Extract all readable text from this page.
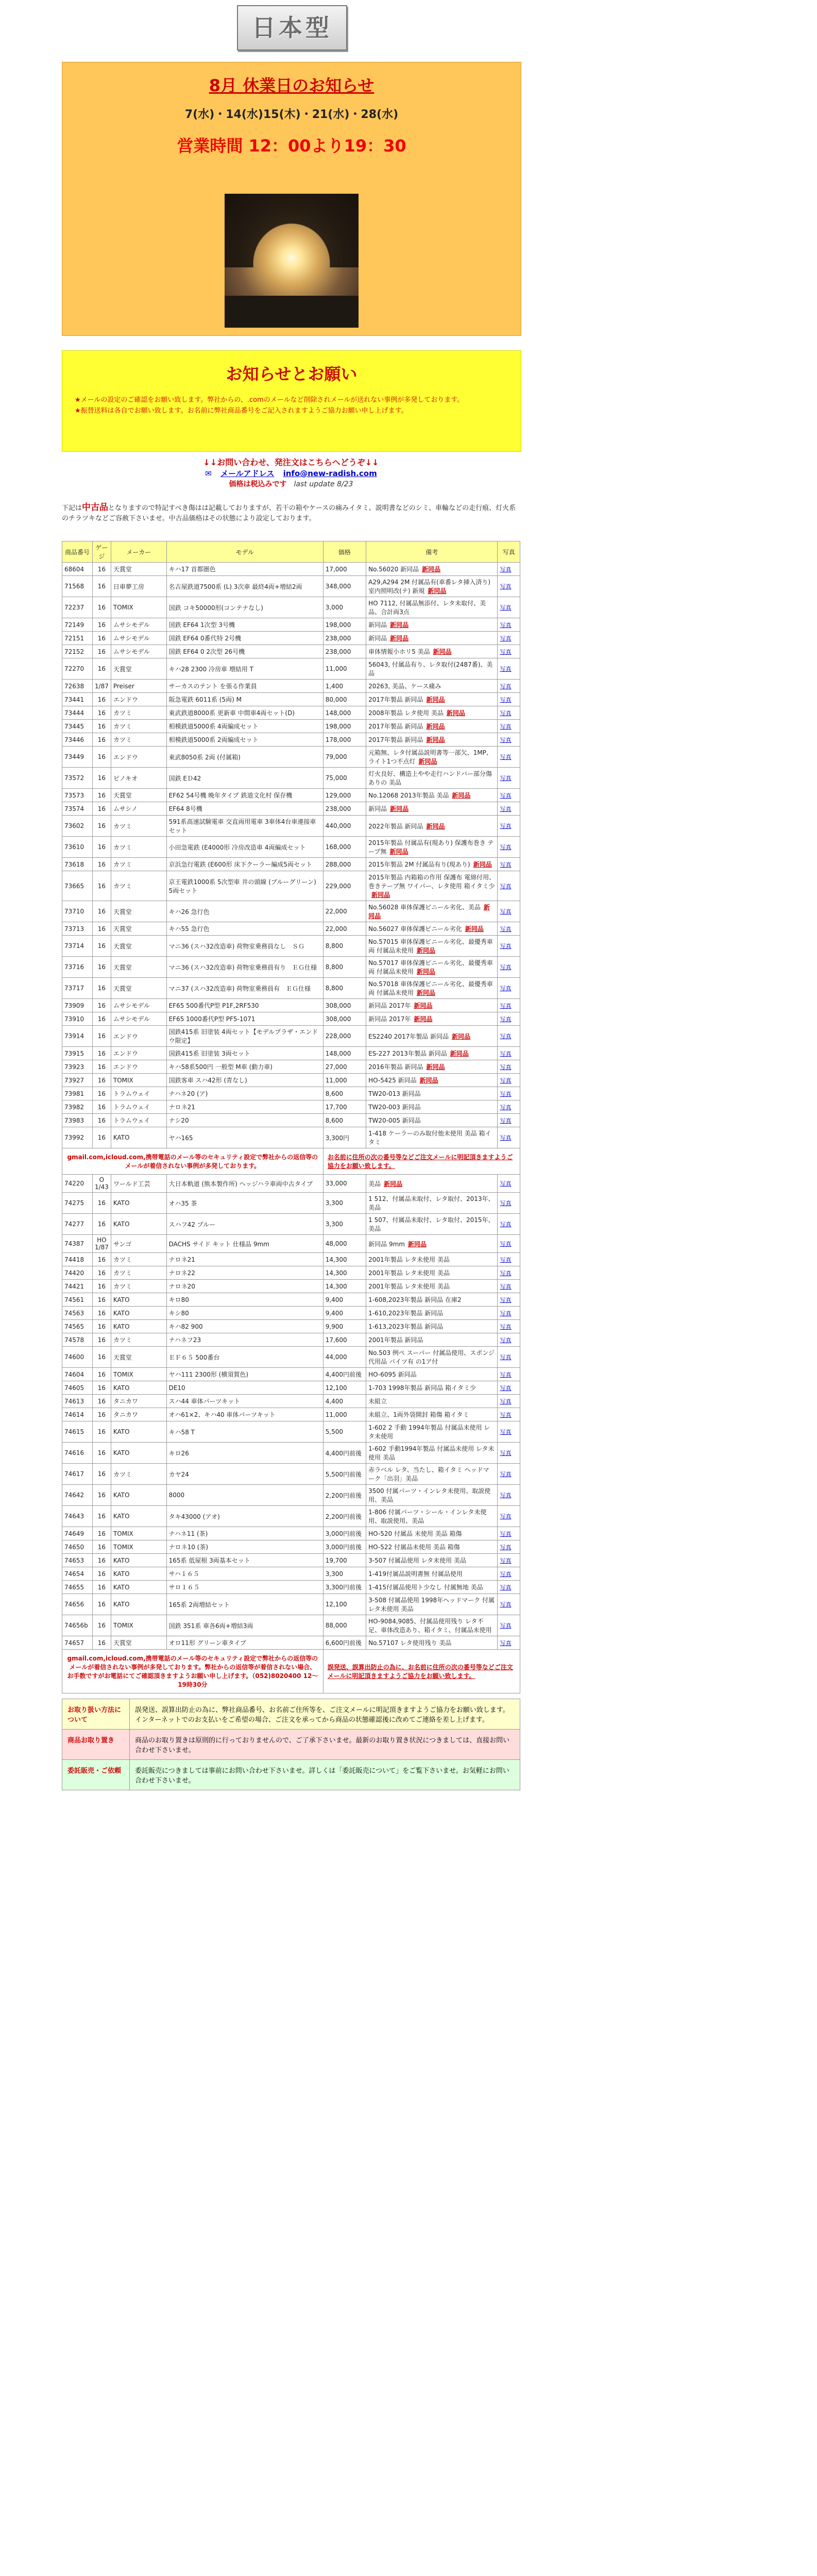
日本型
8月 休業日のお知らせ
7(水)・14(水)15(木)・21(水)・28(水)
営業時間 12：00より19：30
お知らせとお願い

★メールの設定のご確認をお願い致します。弊社からの、.comのメールなど削除されメールが送れない事例が多発しております。

★振替送料は各自でお願い致します。お名前に弊社商品番号をご記入されますようご協力お願い申し上げます。

↓↓お問い合わせ、発注文はこちらへどうぞ↓↓
✉ メールアドレス info@new-radish.com
価格は税込みです last update 8/23
下記は中古品となりますので特記すべき傷はは記載しておりますが、若干の箱やケースの痛みイタミ、説明書などのシミ、車輪などの走行痕、灯火系のチラツキなどご容赦下さいませ。中古品価格はその状態により設定しております。
商品番号	ゲージ	メーカー	モデル	価格	備考	写真
68604	16	天賞堂	キハ17 首都圏色	17,000	No.56020 新同品 新同品	写真
71568	16	日車夢工房	名古屋鉄道7500系 (L) 3次車 最終4両+増結2両	348,000	A29,A294 2M 付属品有(車番レタ挿入済り) 室内照明改(テ) 新規 新同品	写真
72237	16	TOMIX	国鉄 コキ50000形(コンテナなし)	3,000	HO 7112, 付属品無添付、レタ未取付、美品、合計両3点	写真
72149	16	ムサシモデル	国鉄 EF64 1次型 3号機	198,000	新同品 新同品	写真
72151	16	ムサシモデル	国鉄 EF64 0番代特 2号機	238,000	新同品 新同品	写真
72152	16	ムサシモデル	国鉄 EF64 0 2次型 26号機	238,000	車体情報小ホリ5 美品 新同品	写真
72270	16	天賞堂	キハ28 2300 冷房車 増結用 T	11,000	56043, 付属品有り、レタ取付(2487番)、美品	写真
72638	1/87	Preiser	サーカスのテント を張る作業員	1,400	20263, 美品、ケース痛み	写真
73441	16	エンドウ	阪急電鉄 6011系 (5両) M	80,000	2017年製品 新同品 新同品	写真
73444	16	カツミ	東武鉄道8000系 更新車 中間車4両セット(D)	148,000	2008年製品 レタ使用 美品 新同品	写真
73445	16	カツミ	相模鉄道5000系 4両編成セット	198,000	2017年製品 新同品 新同品	写真
73446	16	カツミ	相模鉄道5000系 2両編成セット	178,000	2017年製品 新同品 新同品	写真
73449	16	エンドウ	東武8050系 2両 (付属箱)	79,000	元箱無、レタ付属品説明書等一部欠、1MP、ライト1つ不点灯 新同品	写真
73572	16	ピノキオ	国鉄 EＤ42	75,000	灯火良好、構造上やや走行ハンドバー部分傷ありの 美品	写真
73573	16	天賞堂	EF62 54号機 晩年タイプ 鉄道文化村 保存機	129,000	No.12068 2013年製品 美品 新同品	写真
73574	16	ムサシノ	EF64 8号機	238,000	新同品 新同品	写真
73602	16	カツミ	591系高速試験電車 交直両用電車 3車体4台車連接車セット	440,000	2022年製品 新同品 新同品	写真
73610	16	カツミ	小田急電鉄 (E4000形 冷房改造車 4両編成セット	168,000	2015年製品 付属品有(現あり) 保護布巻き テープ無 新同品	写真
73618	16	カツミ	京浜急行電鉄 (E600形 床下クーラー編成5両セット	288,000	2015年製品 2M 付属品有り(現あり) 新同品	写真
73665	16	カツミ	京王電鉄1000系 5次型車 井の頭線 (ブルーグリーン) 5両セット	229,000	2015年製品 内箱箱の作用 保護布 電綿付用、巻きテープ無 ワイパー、レタ使用 箱イタミ少新同品	写真
73710	16	天賞堂	キハ26 急行色	22,000	No.56028 車体保護ビニール劣化、美品 新同品	写真
73713	16	天賞堂	キハ55 急行色	22,000	No.56027 車体保護ビニール劣化 新同品	写真
73714	16	天賞堂	マニ36 (スハ32改造車) 荷物室乗務員なし　ＳＧ	8,800	No.57015 車体保護ビニール劣化、最優秀車両 付属品未使用 新同品	写真
73716	16	天賞堂	マニ36 (スハ32改造車) 荷物室乗務員有り　ＥＧ仕様	8,800	No.57017 車体保護ビニール劣化、最優秀車両 付属品未使用 新同品	写真
73717	16	天賞堂	マニ37 (スハ32改造車) 荷物室乗務員有　ＥＧ仕様	8,800	No.57018 車体保護ビニール劣化、最優秀車両 付属品未使用 新同品	写真
73909	16	ムサシモデル	EF65 500番代P型 P1F,2RF530	308,000	新同品 2017年 新同品	写真
73910	16	ムサシモデル	EF65 1000番代P型 PF5-1071	308,000	新同品 2017年 新同品	写真
73914	16	エンドウ	国鉄415系 旧塗装 4両セット【モデルプラザ・エンドウ限定】	228,000	ES2240 2017年製品 新同品 新同品	写真
73915	16	エンドウ	国鉄415系 旧塗装 3両セット	148,000	ES-227 2013年製品 新同品 新同品	写真
73923	16	エンドウ	キハ58系500円 一般型 M車 (動力車)	27,000	2016年製品 新同品 新同品	写真
73927	16	TOMIX	国鉄客車 スハ42形 (青なし)	11,000	HO-5425 新同品 新同品	写真
73981	16	トラムウェイ	ナハネ20 (ア)	8,600	TW20-013 新同品	写真
73982	16	トラムウェイ	ナロネ21	17,700	TW20-003 新同品	写真
73983	16	トラムウェイ	ナシ20	8,600	TW20-005 新同品	写真
73992	16	KATO	ヤハ165	3,300円	1-418 ケーラーのみ取付他未使用 美品 箱イタミ	写真
gmail.com,icloud.com,携帯電話のメール等のセキュリティ設定で弊社からの返信等のメールが着信されない事例が多発しております。				お名前に住所の次の番号等などご注文メールに明記頂きますようご協力をお願い致します。		
74220	O 1/43	ワールド工芸	大日本軌道 (熊本製作所) ヘッジハラ車両中古タイプ	33,000	美品 新同品	写真
74275	16	KATO	オハ35 茶	3,300	1 512、付属品未取付、レタ取付、2013年、美品	写真
74277	16	KATO	スハフ42 ブルー	3,300	1 507、付属品未取付、レタ取付、2015年、美品	写真
74387	HO 1/87	サンゴ	DACHS サイド キット 仕様品 9mm	48,000	新同品 9mm 新同品	写真
74418	16	カツミ	ナロネ21	14,300	2001年製品 レタ未使用 美品	写真
74420	16	カツミ	ナロネ22	14,300	2001年製品 レタ未使用 美品	写真
74421	16	カツミ	ナロネ20	14,300	2001年製品 レタ未使用 美品	写真
74561	16	KATO	キロ80	9,400	1-608,2023年製品 新同品 在庫2	写真
74563	16	KATO	キシ80	9,400	1-610,2023年製品 新同品	写真
74565	16	KATO	キハ82 900	9,900	1-613,2023年製品 新同品	写真
74578	16	カツミ	ナハネフ23	17,600	2001年製品 新同品	写真
74600	16	天賞堂	ＥＦ６５ 500番台	44,000	No.503 例ペ スーパー 付属品使用、スポンジ代用品 パイツ有 の1ア付	写真
74604	16	TOMIX	ヤハ111 2300形 (横須賀色)	4,400円前後	HO-6095 新同品	写真
74605	16	KATO	DE10	12,100	1-703 1998年製品 新同品 箱イタミ少	写真
74613	16	タニカワ	スハ44 車体パーツキット	4,400	未組立	写真
74614	16	タニカワ	オハ61×2、キハ40 車体パーツキット	11,000	未組立、1両外袋開封 箱傷 箱イタミ	写真
74615	16	KATO	キハ58 T	5,500	1-602 2 手動 1994年製品 付属品未使用 レタ未使用	写真
74616	16	KATO	キロ26	4,400円前後	1-602 手動1994年製品 付属品未使用 レタ未使用 美品	写真
74617	16	カツミ	カヤ24	5,500円前後	赤ラベル レタ、当たし、箱イタミ ヘッドマーク「出羽」美品	写真
74642	16	KATO	8000	2,200円前後	3500 付属パーツ・インレタ未使用、取説使用、美品	写真
74643	16	KATO	タキ43000 (アオ)	2,200円前後	1-806 付属パーツ・シール・インレタ未使用、取説使用、美品	写真
74649	16	TOMIX	ナハネ11 (茶)	3,000円前後	HO-520 付属品 未使用 美品 箱傷	写真
74650	16	TOMIX	ナロネ10 (茶)	3,000円前後	HO-522 付属品未使用 美品 箱傷	写真
74653	16	KATO	165系 低屋根 3両基本セット	19,700	3-507 付属品使用 レタ未使用 美品	写真
74654	16	KATO	サハ１６５	3,300	1-419付属品説明書無 付属品使用	写真
74655	16	KATO	サロ１６５	3,300円前後	1-415付属品使用ト少なし 付属無地 美品	写真
74656	16	KATO	165系 2両増結セット	12,100	3-508 付属品使用 1998年ヘッドマーク 付属 レタ未使用 美品	写真
74656b	16	TOMIX	国鉄 351系 車各6両+増結3両	88,000	HO-9084,9085、付属品使用残り レタ不足、車体改造あり、箱イタミ、付属品未使用	写真
74657	16	天賞堂	オロ11形 グリーン車タイプ	6,600円前後	No.57107 レタ使用残り 美品	写真
gmail.com,icloud.com,携帯電話のメール等のセキュリティ設定で弊社からの返信等のメールが着信されない事例が多発しております。弊社からの返信等が着信されない場合、お手数ですがお電話にてご確認頂きますようお願い申し上げます。（052)8020400 12〜19時30分				誤発送、誤算出防止の為に、お名前に住所の次の番号等などご注文メールに明記頂きますようご協力をお願い致します。		
お取り扱い方法について	誤発送、誤算出防止の為に、弊社商品番号、お名前ご住所等を、ご注文メールに明記頂きますようご協力をお願い致します。インターネットでのお支払いをご希望の場合、ご注文を承ってから商品の状態確認後に改めてご連絡を差し上げます。
商品お取り置き	商品のお取り置きは原則的に行っておりませんので、ご了承下さいませ。最新のお取り置き状況につきましては、直接お問い合わせ下さいませ。
委託販売・ご依頼	委託販売につきましては事前にお問い合わせ下さいませ。詳しくは「委託販売について」をご覧下さいませ。お気軽にお問い合わせ下さいませ。
